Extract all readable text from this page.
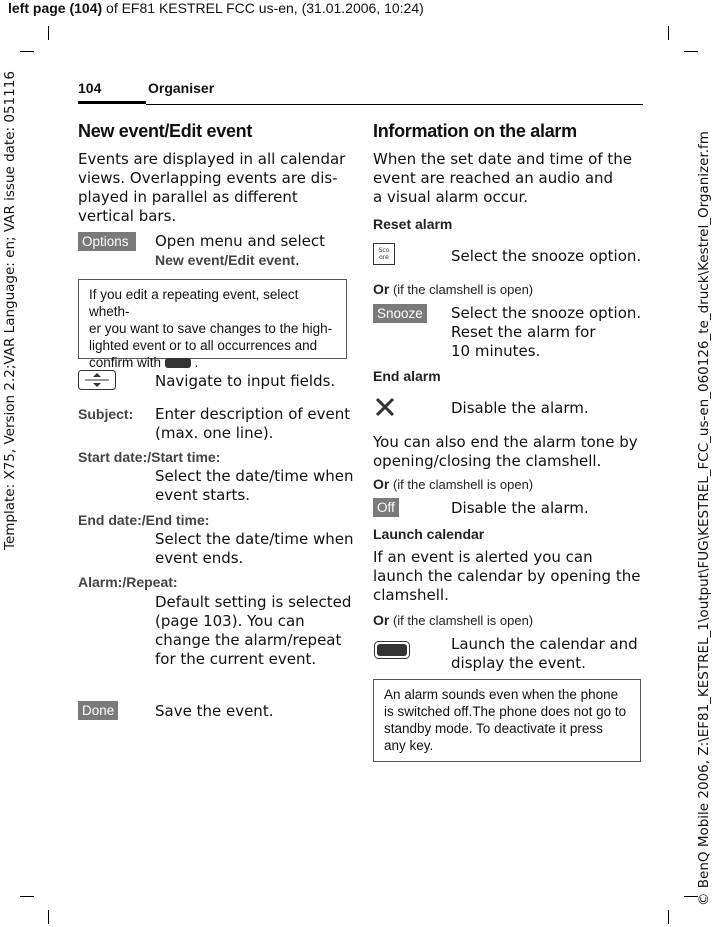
left page (104) of EF81 KESTREL FCC us-en, (31.01.2006, 10:24)
Template: X75, Version 2.2;VAR Language: en; VAR issue date: 051116	© BenQ Mobile 2006, Z:\EF81_KESTREL_1\output\FUG\KESTREL_FCC_us-en_060126_te_druck\Kestrel_Organizer.fm
104	Organiser
New event/Edit event
Events are displayed in all calendar
views. Overlapping events are dis-
played in parallel as different
vertical bars.
Options	Open menu and select
New event/Edit event.
If you edit a repeating event, select wheth-
er you want to save changes to the high-
lighted event or to all occurrences and
confirm with .
Navigate to input fields.
Subject: Enter description of event
(max. one line).
Start date:/Start time:
Select the date/time when
event starts.
End date:/End time:
Select the date/time when
event ends.
Alarm:/Repeat:
Default setting is selected
(page 103). You can
change the alarm/repeat
for the current event.
Done	Save the event.
Information on the alarm
When the set date and time of the
event are reached an audio and
a visual alarm occur.
Reset alarm
Sco
ore	Select the snooze option.
Or (if the clamshell is open)
Snooze Select the snooze option.
Reset the alarm for
10 minutes.
End alarm
Disable the alarm.
You can also end the alarm tone by
opening/closing the clamshell.
Or (if the clamshell is open)
Off	Disable the alarm.
Launch calendar
If an event is alerted you can
launch the calendar by opening the
clamshell.
Or (if the clamshell is open)
Launch the calendar and
display the event.
An alarm sounds even when the phone
is switched off.The phone does not go to
standby mode. To deactivate it press
any key.
